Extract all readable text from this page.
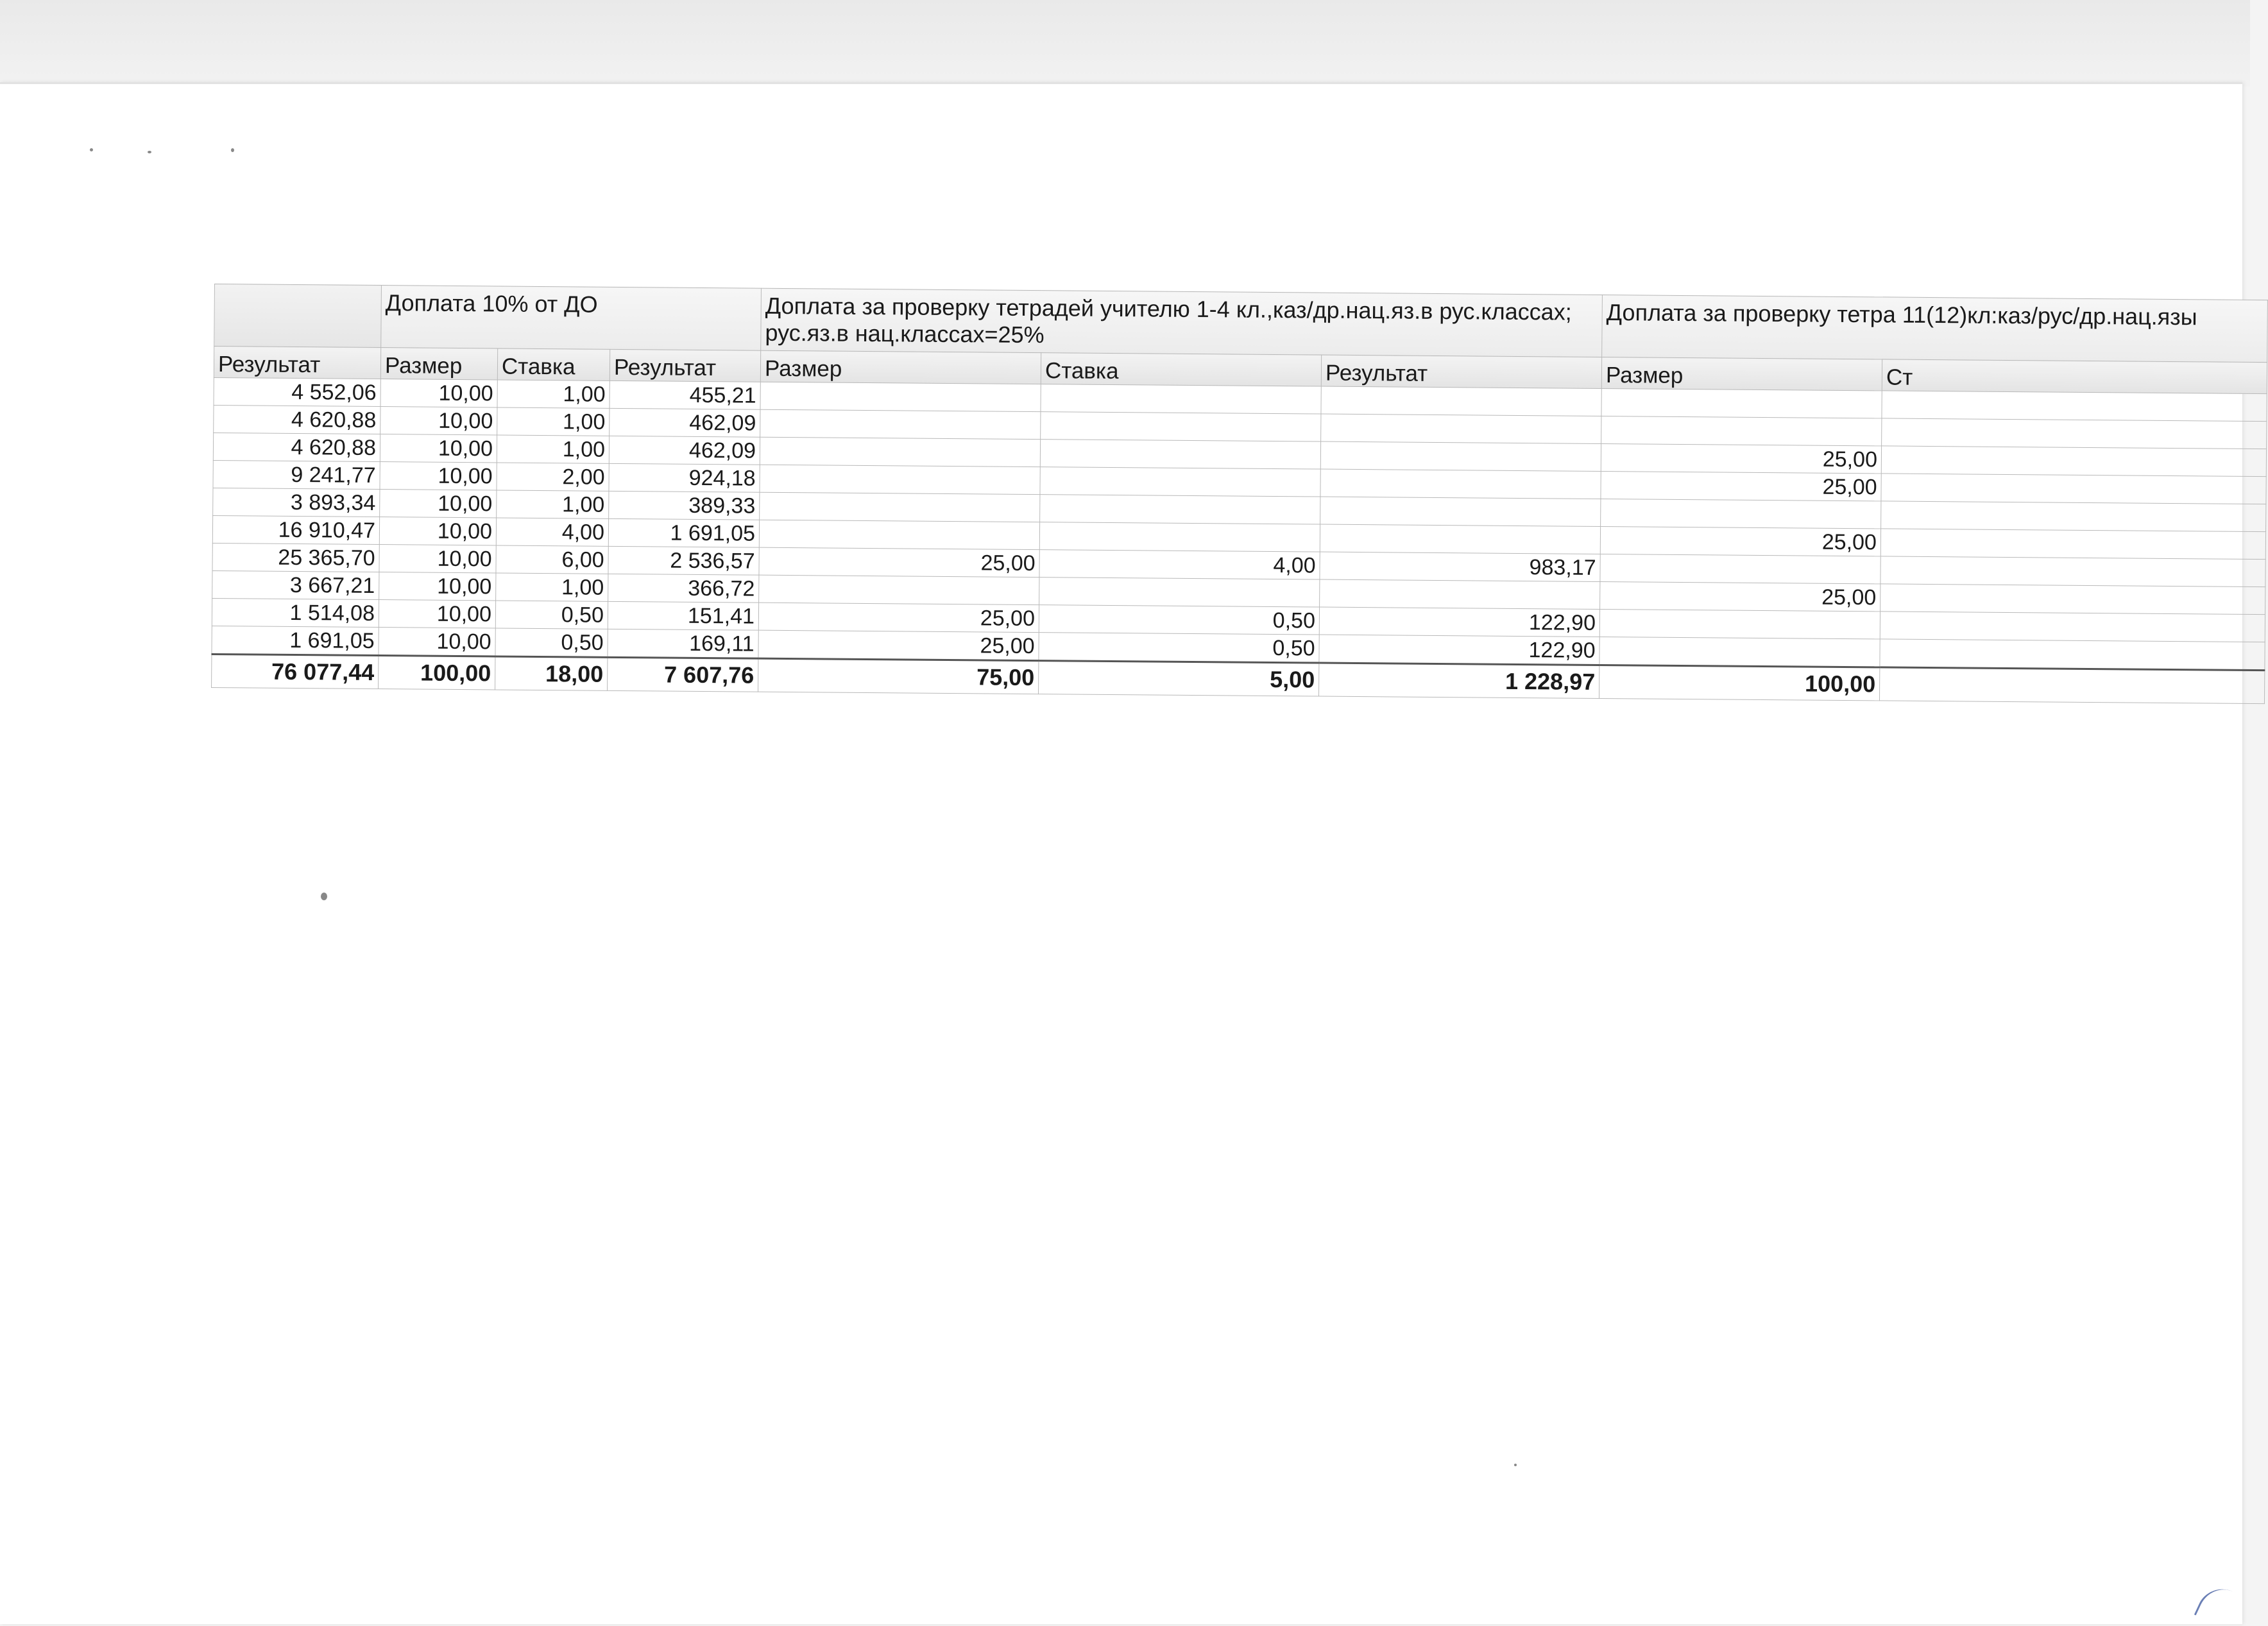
	Доплата 10% от ДО			Доплата за проверку тетрадей учителю 1-4 кл.,каз/др.нац.яз.в рус.классах; рус.яз.в нац.классах=25%			Доплата за проверку тетра 11(12)кл:каз/рус/др.нац.язы	
Результат	Размер	Ставка	Результат	Размер	Ставка	Результат	Размер	Ст
4 552,06	10,00	1,00	455,21					
4 620,88	10,00	1,00	462,09					
4 620,88	10,00	1,00	462,09				25,00	
9 241,77	10,00	2,00	924,18				25,00	
3 893,34	10,00	1,00	389,33					
16 910,47	10,00	4,00	1 691,05				25,00	
25 365,70	10,00	6,00	2 536,57	25,00	4,00	983,17		
3 667,21	10,00	1,00	366,72				25,00	
1 514,08	10,00	0,50	151,41	25,00	0,50	122,90		
1 691,05	10,00	0,50	169,11	25,00	0,50	122,90		
76 077,44	100,00	18,00	7 607,76	75,00	5,00	1 228,97	100,00	
